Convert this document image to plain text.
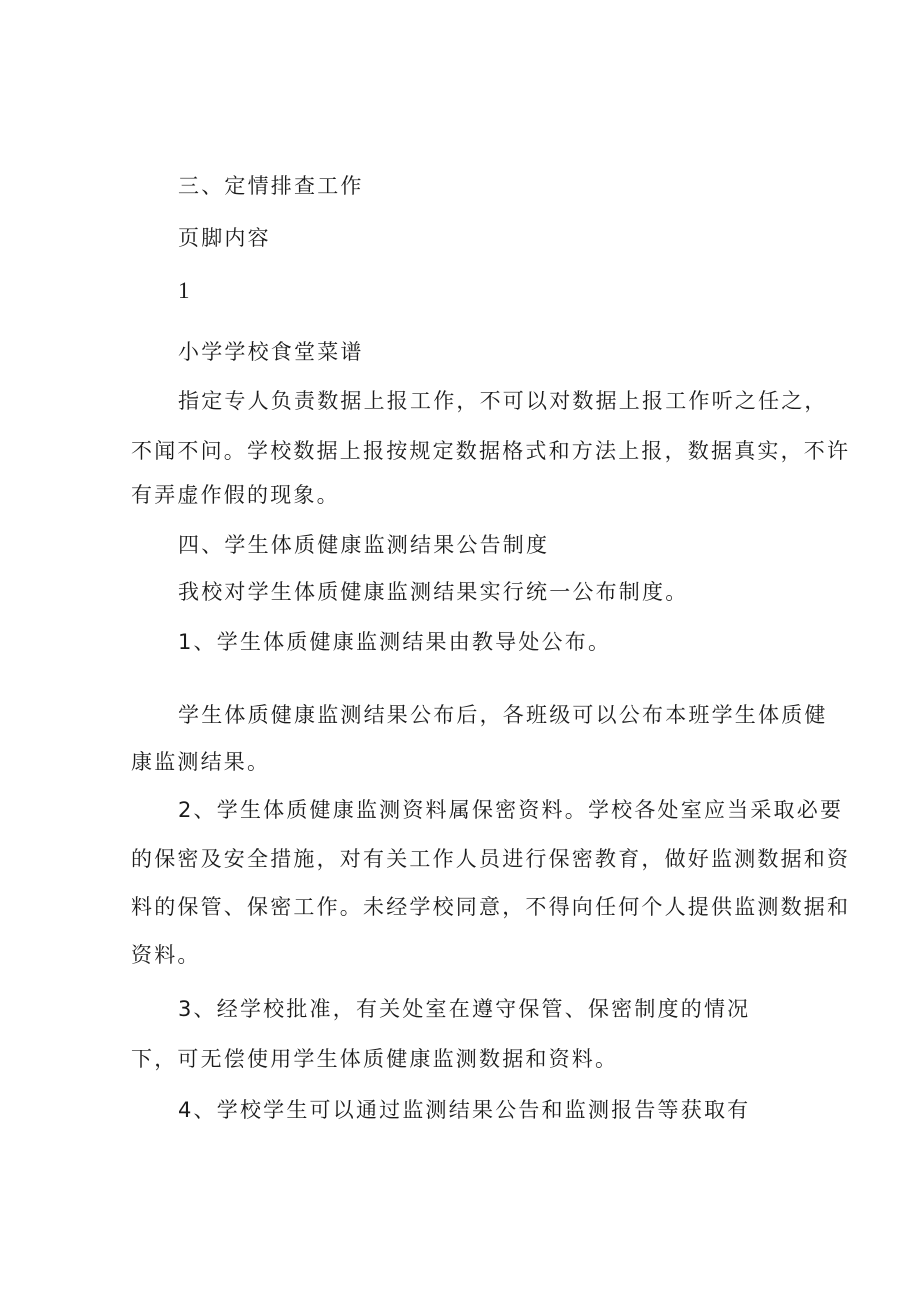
三、定情排查工作
页脚内容
1
小学学校食堂菜谱
指定专人负责数据上报工作，不可以对数据上报工作听之任之，
不闻不问。学校数据上报按规定数据格式和方法上报，数据真实，不许
有弄虚作假的现象。
四、学生体质健康监测结果公告制度
我校对学生体质健康监测结果实行统一公布制度。
1、学生体质健康监测结果由教导处公布。
学生体质健康监测结果公布后，各班级可以公布本班学生体质健
康监测结果。
2、学生体质健康监测资料属保密资料。学校各处室应当采取必要
的保密及安全措施，对有关工作人员进行保密教育，做好监测数据和资
料的保管、保密工作。未经学校同意，不得向任何个人提供监测数据和
资料。
3、经学校批准，有关处室在遵守保管、保密制度的情况
下，可无偿使用学生体质健康监测数据和资料。
4、学校学生可以通过监测结果公告和监测报告等获取有
